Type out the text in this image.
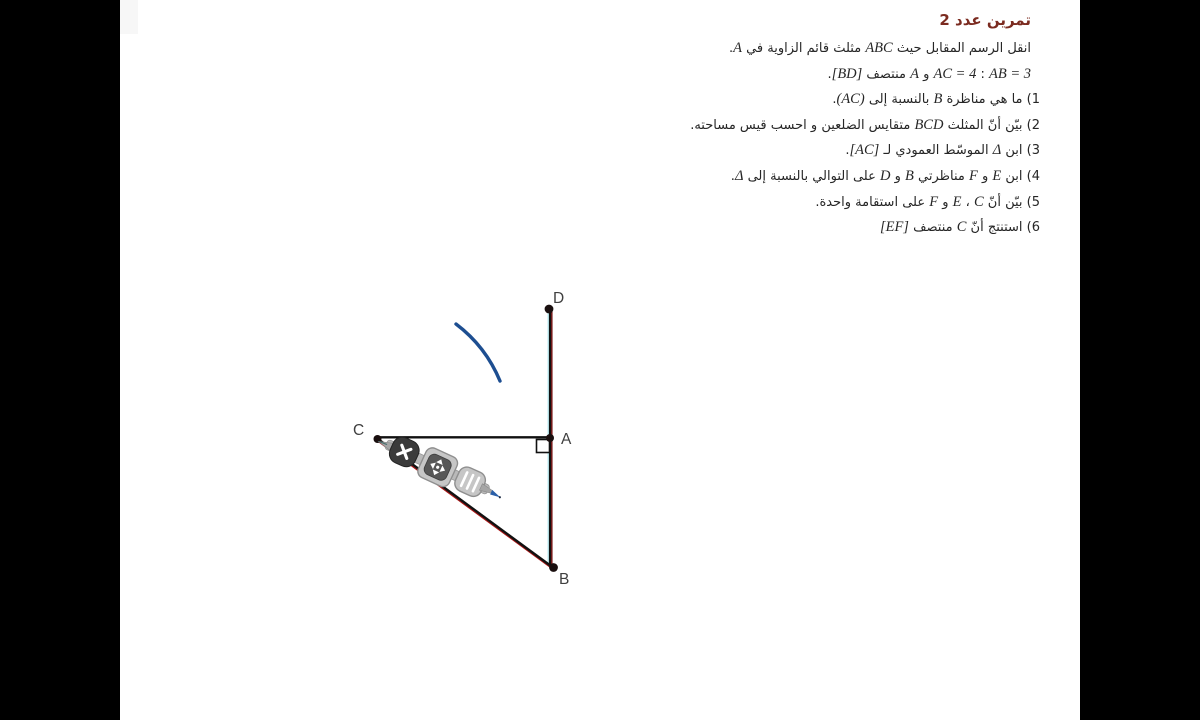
تمرين عدد 2
انقل الرسم المقابل حيث ABC مثلث قائم الزاوية في A.
AB = 3 : AC = 4 و A منتصف [BD].
1) ما هي مناظرة B بالنسبة إلى (AC).
2) بيّن أنّ المثلث BCD متقايس الضلعين و احسب قيس مساحته.
3) ابن Δ الموسّط العمودي لـ [AC].
4) ابن E و F مناظرتي B و D على التوالي بالنسبة إلى Δ.
5) بيّن أنّ C ، E و F على استقامة واحدة.
6) استنتج أنّ C منتصف [EF]
D
A
B
C
